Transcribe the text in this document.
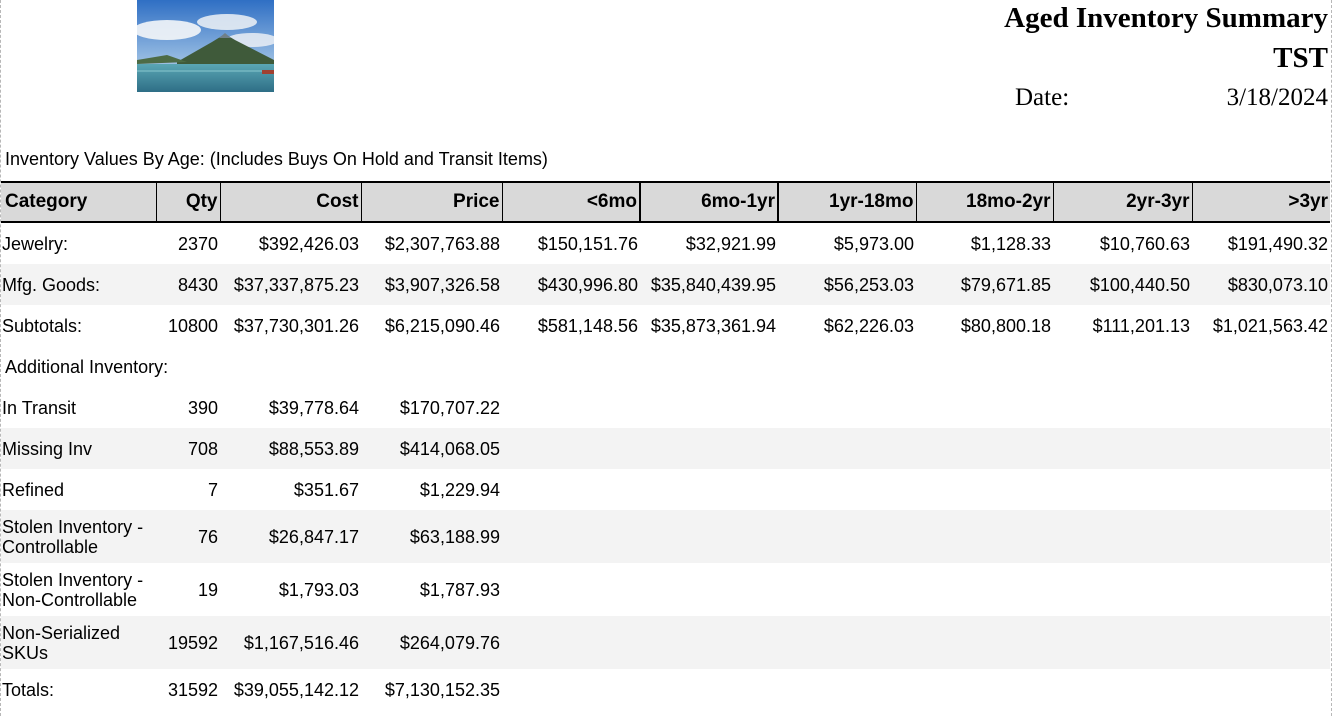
Aged Inventory Summary
TST
Date:	3/18/2024
Inventory Values By Age: (Includes Buys On Hold and Transit Items)
Category	Qty	Cost	Price	<6mo	6mo-1yr	1yr-18mo	18mo-2yr	2yr-3yr	>3yr
Jewelry:	2370	$392,426.03	$2,307,763.88	$150,151.76	$32,921.99	$5,973.00	$1,128.33	$10,760.63	$191,490.32
Mfg. Goods:	8430	$37,337,875.23	$3,907,326.58	$430,996.80	$35,840,439.95	$56,253.03	$79,671.85	$100,440.50	$830,073.10
Subtotals:	10800	$37,730,301.26	$6,215,090.46	$581,148.56	$35,873,361.94	$62,226.03	$80,800.18	$111,201.13	$1,021,563.42
Additional Inventory:									
In Transit	390	$39,778.64	$170,707.22						
Missing Inv	708	$88,553.89	$414,068.05						
Refined	7	$351.67	$1,229.94						
Stolen Inventory - Controllable	76	$26,847.17	$63,188.99						
Stolen Inventory - Non-Controllable	19	$1,793.03	$1,787.93						
Non-Serialized SKUs	19592	$1,167,516.46	$264,079.76						
Totals:	31592	$39,055,142.12	$7,130,152.35						
